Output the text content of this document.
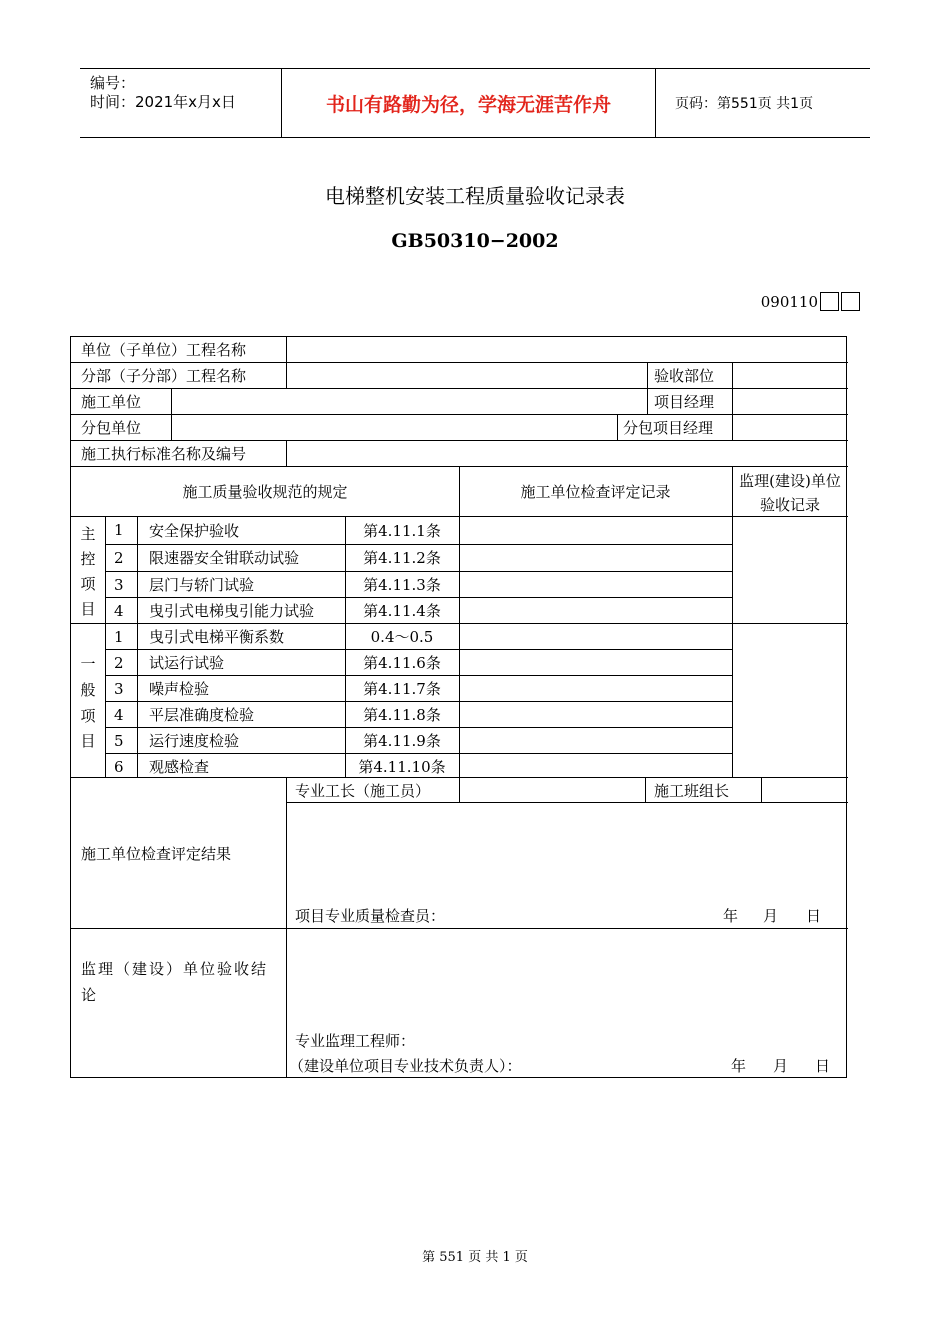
编号：
时间：2021年x月x日	书山有路勤为径，学海无涯苦作舟	页码：第551页 共1页
电梯整机安装工程质量验收记录表
GB50310−2002
090110
单位（子单位）工程名称
分部（子分部）工程名称	验收部位
施工单位	项目经理
分包单位	分包项目经理
施工执行标准名称及编号
施工质量验收规范的规定	施工单位检查评定记录
监理(建设)单位验收记录
主
控
项
目
1 安全保护验收	第4.11.1条
2 限速器安全钳联动试验	第4.11.2条
3 层门与轿门试验	第4.11.3条
4 曳引式电梯曳引能力试验	第4.11.4条
一
般
项
目
1 曳引式电梯平衡系数	0.4～0.5
2 试运行试验	第4.11.6条
3 噪声检验	第4.11.7条
4 平层准确度检验	第4.11.8条
5 运行速度检验	第4.11.9条
6 观感检查	第4.11.10条
专业工长（施工员）	施工班组长
施工单位检查评定结果
项目专业质量检查员：	年 月 日
监理（建设）单位验收结论
专业监理工程师：
（建设单位项目专业技术负责人）：	年 月 日
第 551 页 共 1 页
